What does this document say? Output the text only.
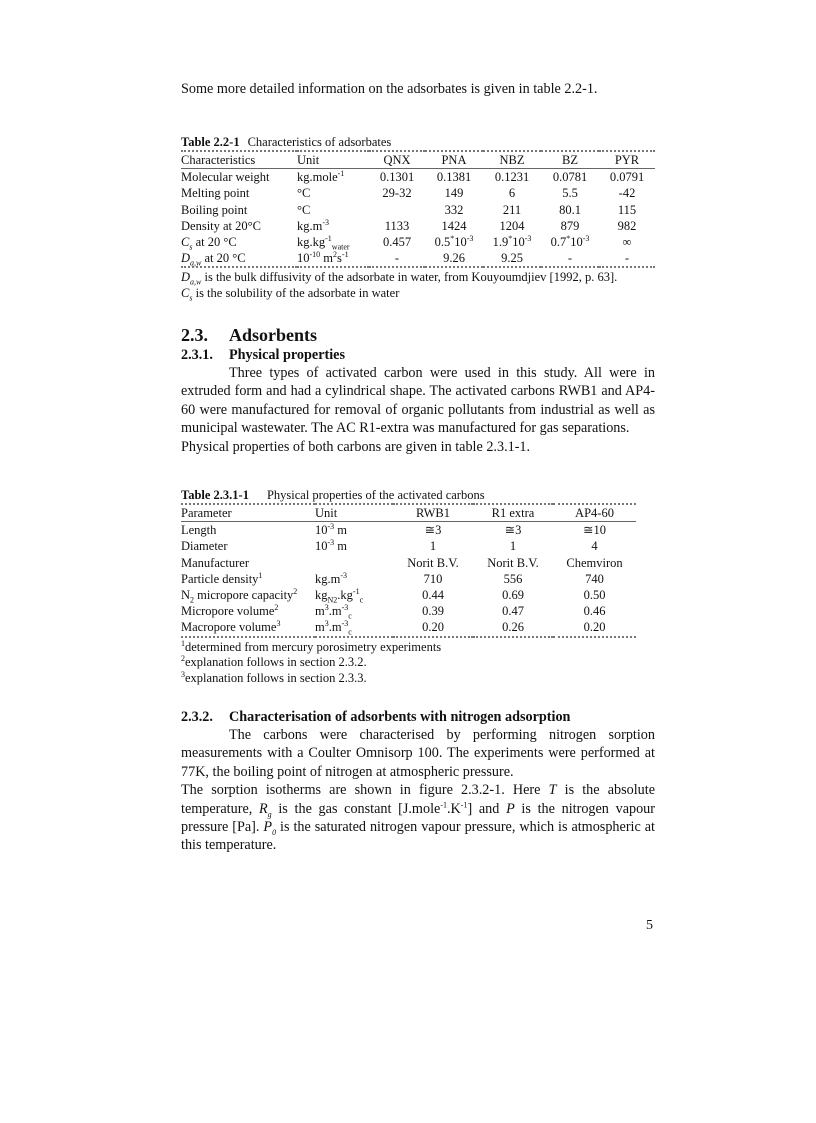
Some more detailed information on the adsorbates is given in table 2.2-1.

Table 2.2-1 Characteristics of adsorbates

Characteristics	Unit	QNX	PNA	NBZ	BZ	PYR
Molecular weight	kg.mole$^{-1}$	0.1301	0.1381	0.1231	0.0781	0.0791
Melting point	°C	29-32	149	6	5.5	-42
Boiling point	°C		332	211	80.1	115
Density at 20°C	$kg.m^{-3}$	1133	1424	1204	879	982
$C_s$ at 20 °C	$kg.kg^{-1}_{water}$	0.457	$0.5^*10^{-3}$	$1.9^*10^{-3}$	$0.7^*10^{-3}$	∞
$D_{a,w}$ at 20 °C	$10^{-10}$ $m^2s^{-1}$	-	9.26	9.25	-	-

$D_{a,w}$ is the bulk diffusivity of the adsorbate in water, from Kouyoumdjiev [1992, p. 63].

$C_s$ is the solubility of the adsorbate in water

2.3. Adsorbents

2.3.1. Physical properties

Three types of activated carbon were used in this study. All were in extruded form and had a cylindrical shape. The activated carbons RWB1 and AP4-60 were manufactured for removal of organic pollutants from industrial as well as municipal wastewater. The AC R1-extra was manufactured for gas separations.

Physical properties of both carbons are given in table 2.3.1-1.

Table 2.3.1-1 Physical properties of the activated carbons

Parameter	Unit	RWB1	R1 extra	AP4-60
Length	$10^{-3}$ m	≅3	≅3	≅10
Diameter	$10^{-3}$ m	1	1	4
Manufacturer		Norit B.V.	Norit B.V.	Chemviron
Particle density$^1$	$kg.m^{-3}$	710	556	740
$N_2$ micropore capacity$^2$	$kg_{N2}.kg^{-1}_c$	0.44	0.69	0.50
Micropore volume$^2$	$m^3.m^{-3}_c$	0.39	0.47	0.46
Macropore volume$^3$	$m^3.m^{-3}_c$	0.20	0.26	0.20

$^1$determined from mercury porosimetry experiments

$^2$explanation follows in section 2.3.2.

$^3$explanation follows in section 2.3.3.

2.3.2. Characterisation of adsorbents with nitrogen adsorption

The carbons were characterised by performing nitrogen sorption measurements with a Coulter Omnisorp 100. The experiments were performed at 77K, the boiling point of nitrogen at atmospheric pressure.

The sorption isotherms are shown in figure 2.3.2-1. Here T is the absolute temperature, $R_g$ is the gas constant $[J.mole^{-1}.K^{-1}]$ and P is the nitrogen vapour pressure [Pa]. $P_0$ is the saturated nitrogen vapour pressure, which is atmospheric at this temperature.

5
